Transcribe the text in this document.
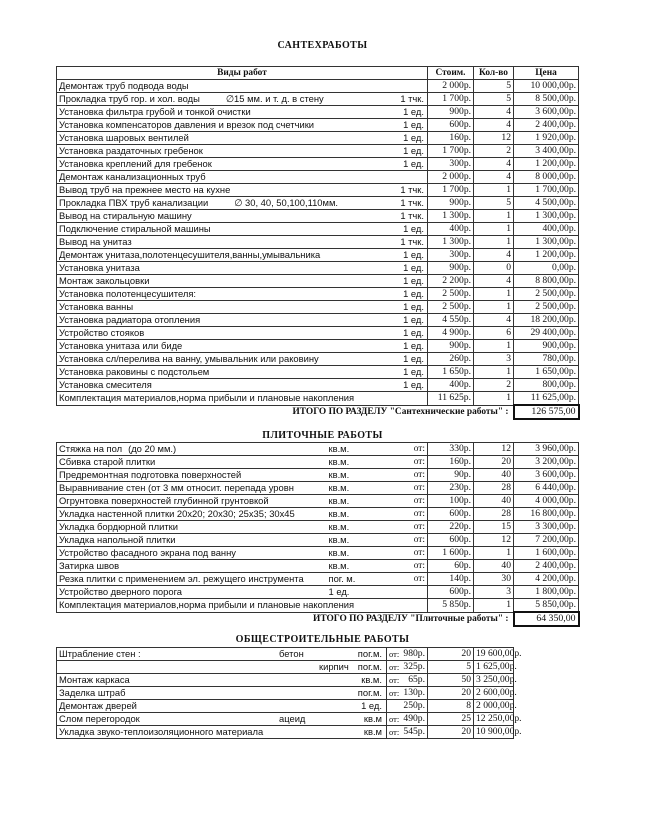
САНТЕХРАБОТЫ
Виды работ		Стоим.	Кол-во	Цена
Демонтаж труб подвода воды		2 000р.	5	10 000,00р.
Прокладка труб гор. и хол. воды ∅15 мм. и т. д. в стену	1 тчк.	1 700р.	5	8 500,00р.
Установка фильтра грубой и тонкой очистки	1 ед.	900р.	4	3 600,00р.
Установка компенсаторов давления и врезок под счетчики	1 ед.	600р.	4	2 400,00р.
Установка шаровых вентилей	1 ед.	160р.	12	1 920,00р.
Установка раздаточных гребенок	1 ед.	1 700р.	2	3 400,00р.
Установка креплений для гребенок	1 ед.	300р.	4	1 200,00р.
Демонтаж канализационных труб		2 000р.	4	8 000,00р.
Вывод труб на прежнее место на кухне	1 тчк.	1 700р.	1	1 700,00р.
Прокладка ПВХ труб канализации ∅ 30, 40, 50,100,110мм.	1 тчк.	900р.	5	4 500,00р.
Вывод на стиральную машину	1 тчк.	1 300р.	1	1 300,00р.
Подключение стиральной машины	1 ед.	400р.	1	400,00р.
Вывод на унитаз	1 тчк.	1 300р.	1	1 300,00р.
Демонтаж унитаза,полотенцесушителя,ванны,умывальника	1 ед.	300р.	4	1 200,00р.
Установка унитаза	1 ед.	900р.	0	0,00р.
Монтаж закольцовки	1 ед.	2 200р.	4	8 800,00р.
Установка полотенцесушителя:	1 ед.	2 500р.	1	2 500,00р.
Установка ванны	1 ед.	2 500р.	1	2 500,00р.
Установка радиатора отопления	1 ед.	4 550р.	4	18 200,00р.
Устройство стояков	1 ед.	4 900р.	6	29 400,00р.
Установка унитаза или биде	1 ед.	900р.	1	900,00р.
Установка сл/перелива на ванну, умывальник или раковину	1 ед.	260р.	3	780,00р.
Установка раковины с подстольем	1 ед.	1 650р.	1	1 650,00р.
Установка смесителя	1 ед.	400р.	2	800,00р.
Комплектация материалов,норма прибыли и плановые накопления		11 625р.	1	11 625,00р.
ИТОГО ПО РАЗДЕЛУ "Сантехнические работы" :				126 575,00
ПЛИТОЧНЫЕ РАБОТЫ
Стяжка на пол (до 20 мм.)	кв.м.	от:	330р.	12	3 960,00р.
Сбивка старой плитки	кв.м.	от:	160р.	20	3 200,00р.
Предремонтная подготовка поверхностей	кв.м.	от:	90р.	40	3 600,00р.
Выравнивание стен (от 3 мм относит. перепада уровн	кв.м.	от:	230р.	28	6 440,00р.
Огрунтовка поверхностей глубинной грунтовкой	кв.м.	от:	100р.	40	4 000,00р.
Укладка настенной плитки 20х20; 20х30; 25х35; 30х45	кв.м.	от:	600р.	28	16 800,00р.
Укладка бордюрной плитки	кв.м.	от:	220р.	15	3 300,00р.
Укладка напольной плитки	кв.м.	от:	600р.	12	7 200,00р.
Устройство фасадного экрана под ванну	кв.м.	от:	1 600р.	1	1 600,00р.
Затирка швов	кв.м.	от:	60р.	40	2 400,00р.
Резка плитки с применением эл. режущего инструмента	пог. м.	от:	140р.	30	4 200,00р.
Устройство дверного порога	1 ед.		600р.	3	1 800,00р.
Комплектация материалов,норма прибыли и плановые накопления			5 850р.	1	5 850,00р.
ИТОГО ПО РАЗДЕЛУ "Плиточные работы" :					64 350,00
ОБЩЕСТРОИТЕЛЬНЫЕ РАБОТЫ
Штрабление стен : бетон пог.м.	от: 980р.	20	19 600,00р.

кирпич пог.м.	от: 325р.	5	1 625,00р.
Монтаж каркаса кв.м.	от: 65р.	50	3 250,00р.
Заделка штраб пог.м.	от: 130р.	20	2 600,00р.
Демонтаж дверей 1 ед.	250р.	8	2 000,00р.
Слом перегородок ацеид кв.м	от: 490р.	25	12 250,00р.
Укладка звуко-теплоизоляционного материала кв.м	от: 545р.	20	10 900,00р.
